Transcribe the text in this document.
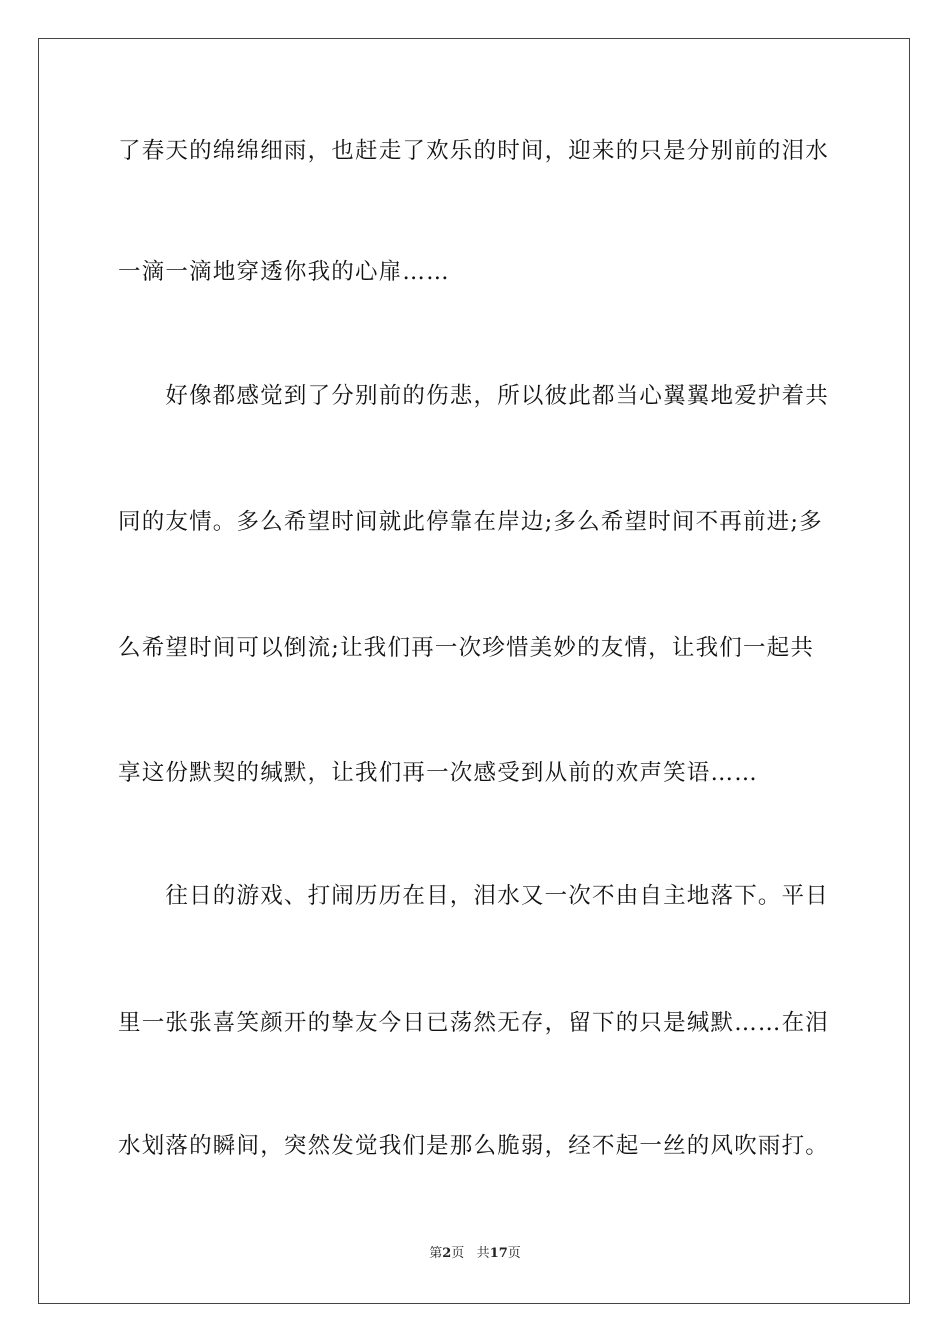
了春天的绵绵细雨，也赶走了欢乐的时间，迎来的只是分别前的泪水
一滴一滴地穿透你我的心扉……
　　好像都感觉到了分别前的伤悲，所以彼此都当心翼翼地爱护着共
同的友情。多么希望时间就此停靠在岸边;多么希望时间不再前进;多
么希望时间可以倒流;让我们再一次珍惜美妙的友情，让我们一起共
享这份默契的缄默，让我们再一次感受到从前的欢声笑语……
　　往日的游戏、打闹历历在目，泪水又一次不由自主地落下。平日
里一张张喜笑颜开的挚友今日已荡然无存，留下的只是缄默……在泪
水划落的瞬间，突然发觉我们是那么脆弱，经不起一丝的风吹雨打。
第2页 共17页
